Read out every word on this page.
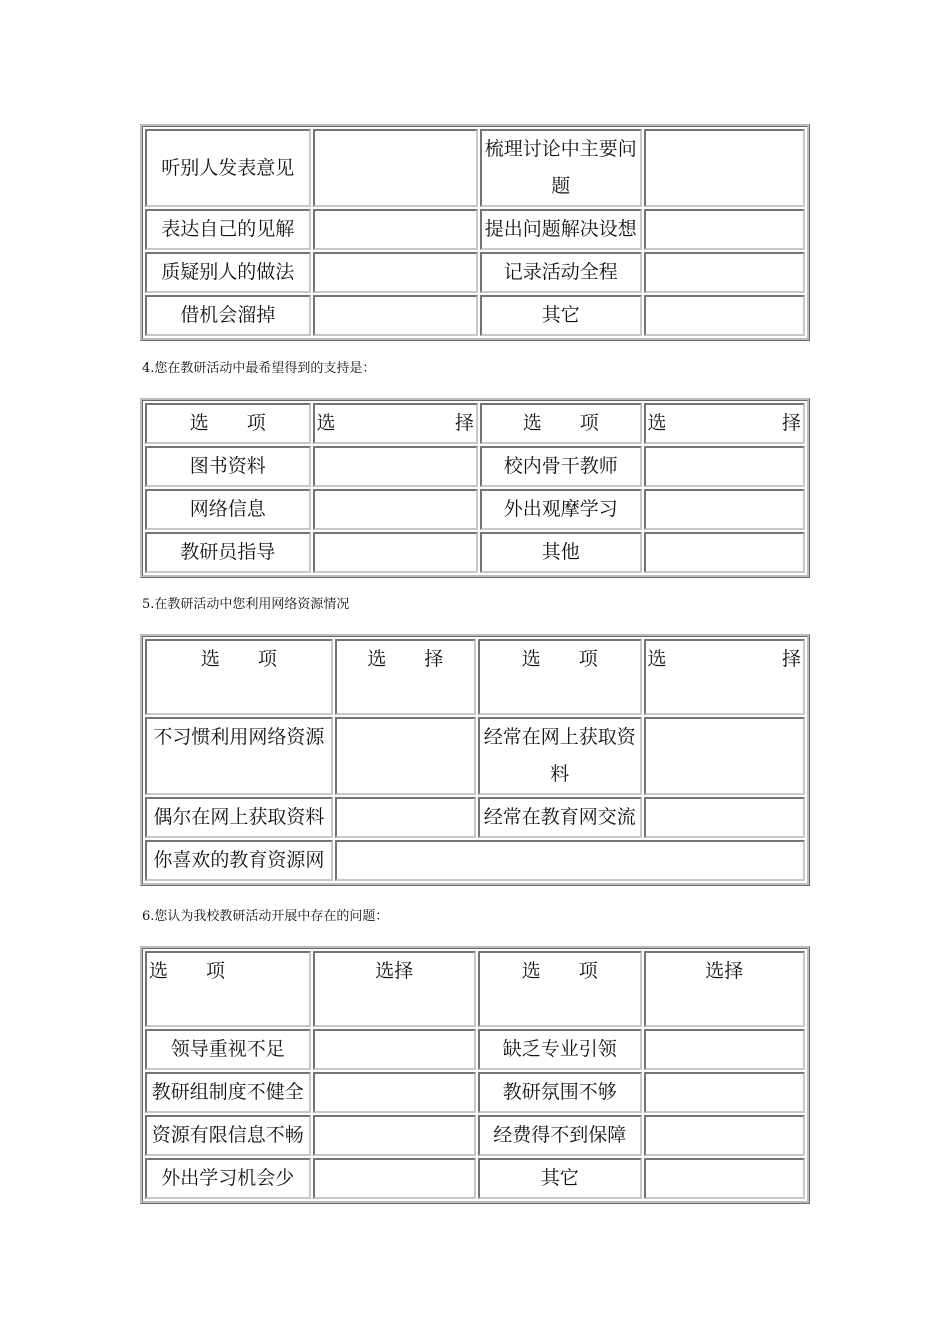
听别人发表意见		梳理讨论中主要问题	
表达自己的见解		提出问题解决设想	
质疑别人的做法		记录活动全程	
借机会溜掉		其它	
4.您在教研活动中最希望得到的支持是：
选　　项	选　　择	选　　项	选　　择
图书资料		校内骨干教师	
网络信息		外出观摩学习	
教研员指导		其他	
5.在教研活动中您利用网络资源情况
选　　项	选　　择	选　　项	选　　择
不习惯利用网络资源		经常在网上获取资料	
偶尔在网上获取资料		经常在教育网交流	
你喜欢的教育资源网			
6.您认为我校教研活动开展中存在的问题：
选　　项	选择	选　　项	选择
领导重视不足		缺乏专业引领	
教研组制度不健全		教研氛围不够	
资源有限信息不畅		经费得不到保障	
外出学习机会少		其它	
